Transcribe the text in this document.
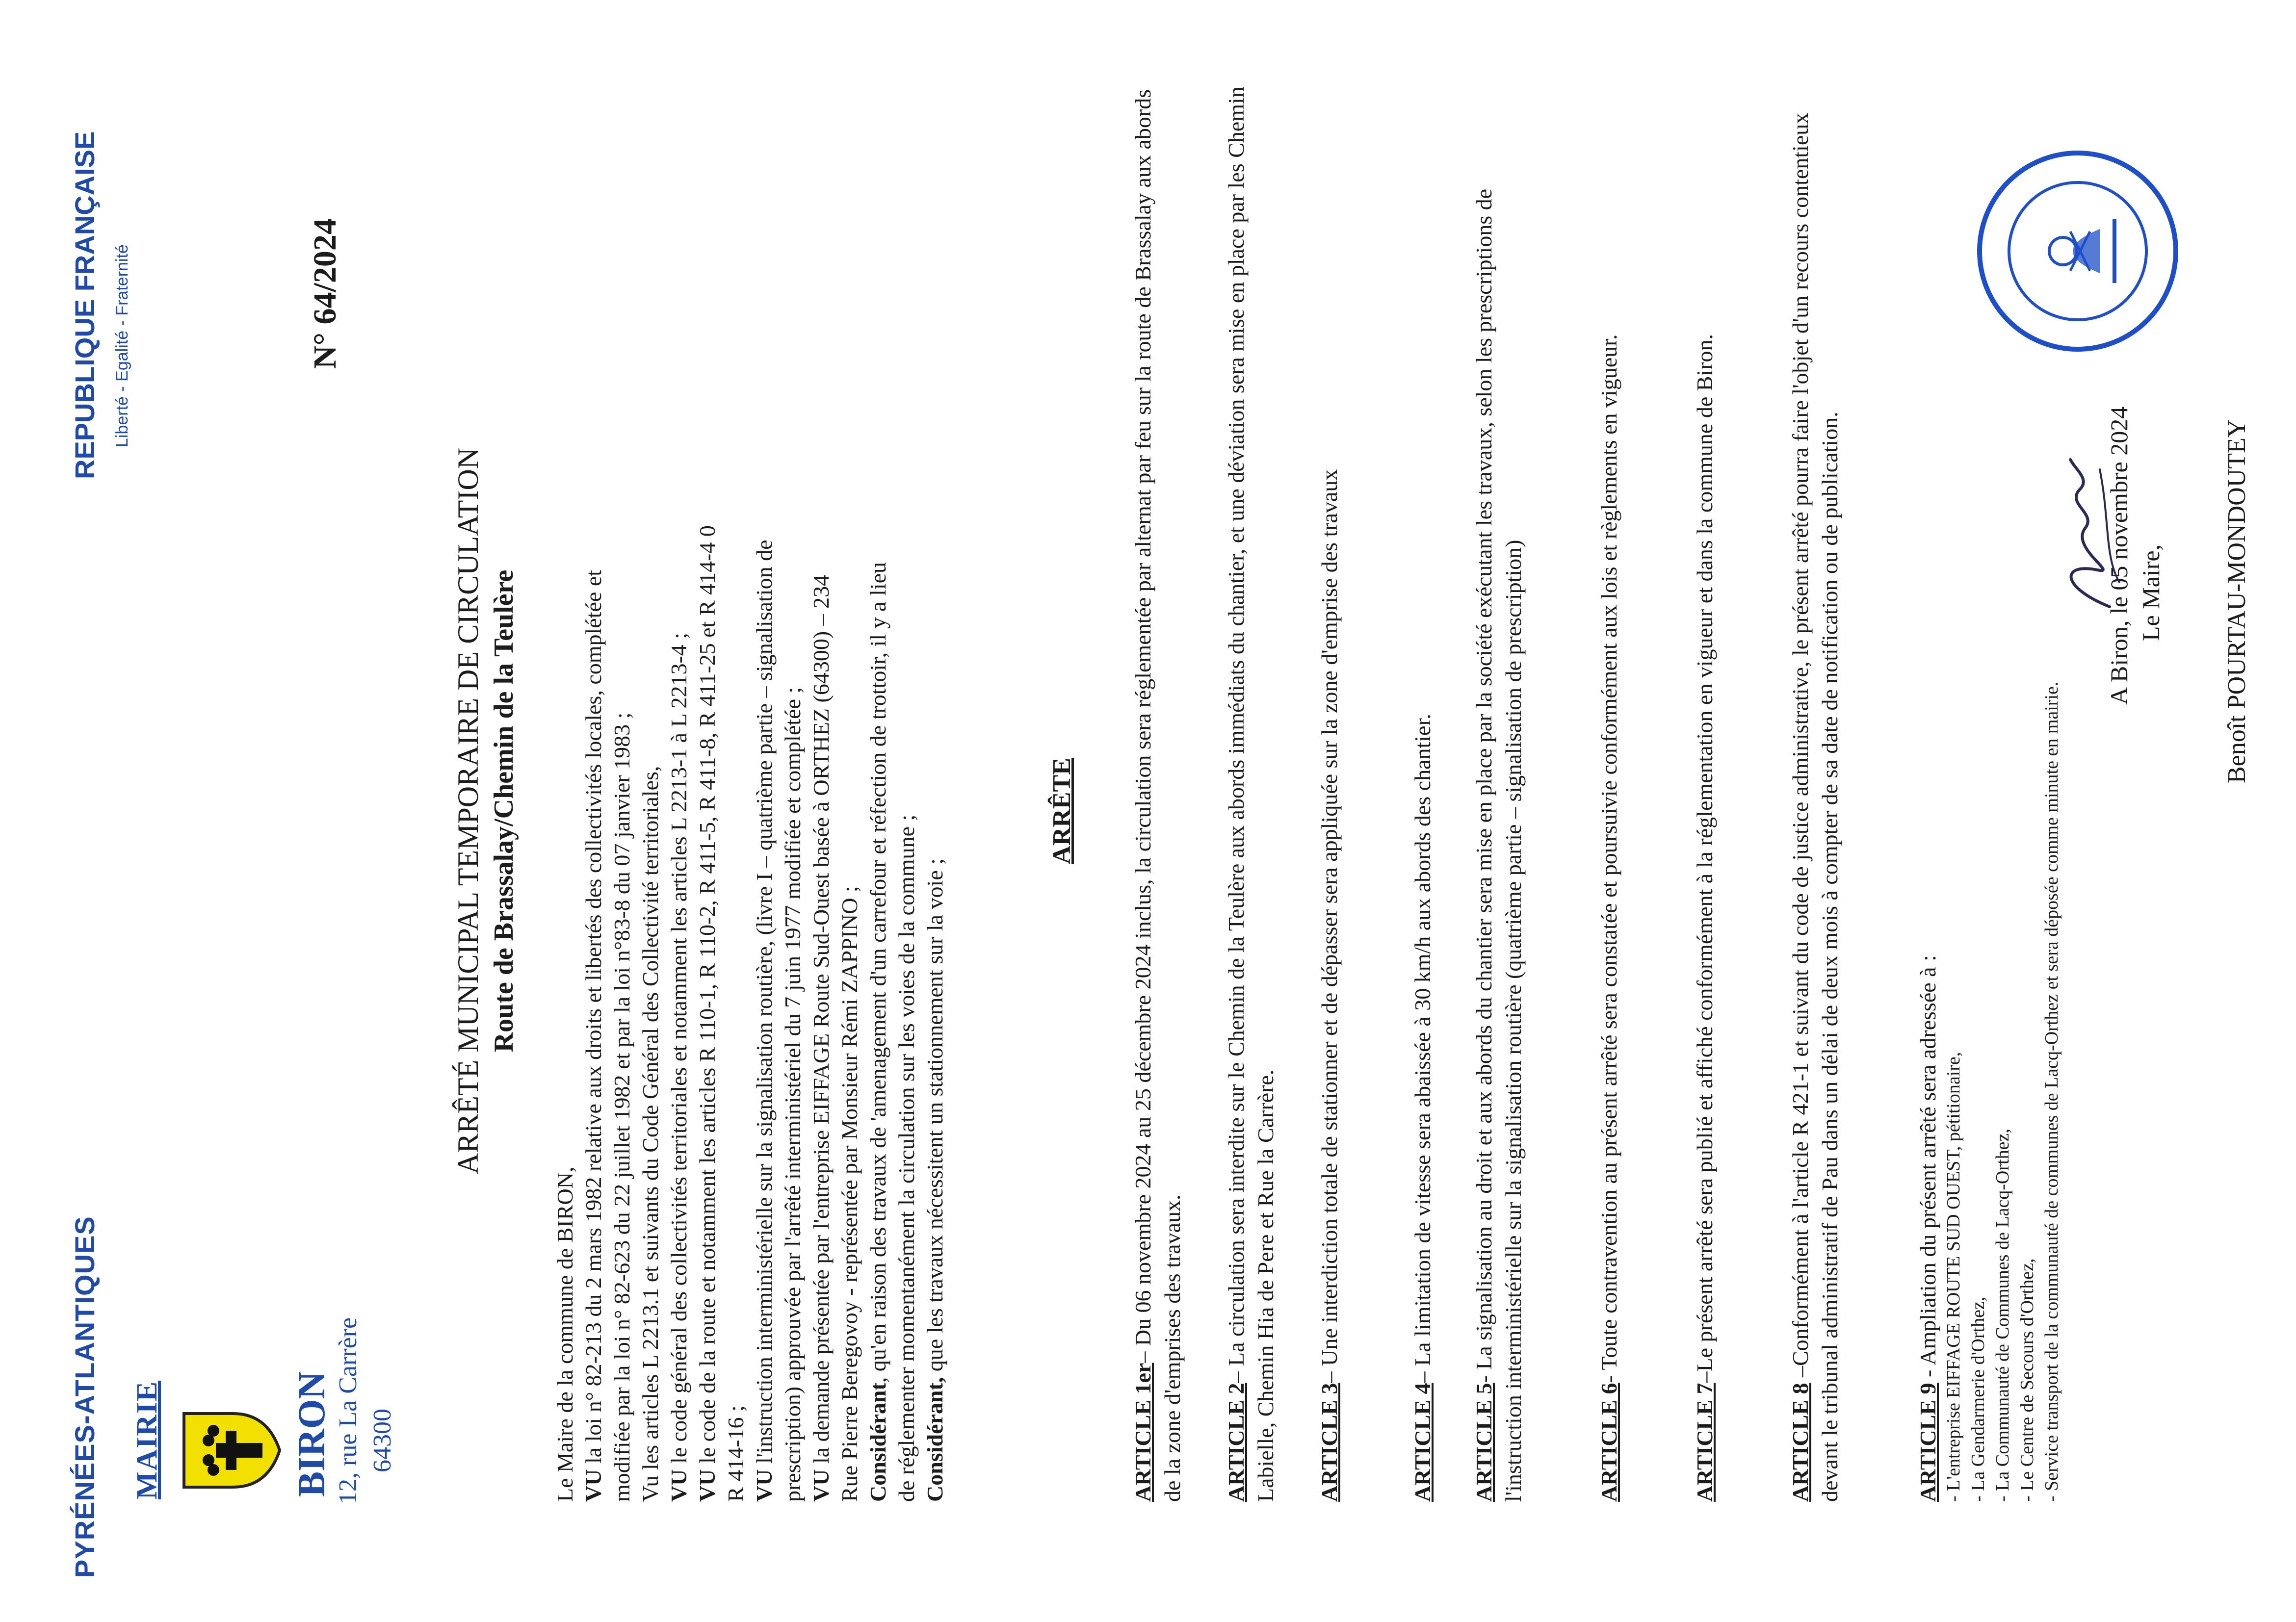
PYRÉNÉES-ATLANTIQUES
REPUBLIQUE FRANÇAISE Liberté - Egalité - Fraternité
MAIRIE	BIRON 12, rue La Carrère 64300
N° 64/2024
ARRÊTÉ MUNICIPAL TEMPORAIRE DE CIRCULATION Route de Brassalay/Chemin de la Teulère
Le Maire de la commune de BIRON, VU la loi n° 82-213 du 2 mars 1982 relative aux droits et libertés des collectivités locales, complétée et modifiée par la loi n° 82-623 du 22 juillet 1982 et par la loi n°83-8 du 07 janvier 1983 ; Vu les articles L 2213.1 et suivants du Code Général des Collectivité territoriales, VU le code général des collectivités territoriales et notamment les articles L 2213-1 à L 2213-4 ;
VU le code de la route et notamment les articles R 110-1, R 110-2, R 411-5, R 411-8, R 411-25 et R 414-4 0 R 414-16 ; VU l'instruction interministérielle sur la signalisation routière, (livre I – quatrième partie – signalisation de prescription) approuvée par l'arrêté interministériel du 7 juin 1977 modifiée et complétée ; VU la demande présentée par l'entreprise EIFFAGE Route Sud-Ouest basée à ORTHEZ (64300) – 234 Rue Pierre Beregovoy - représentée par Monsieur Rémi ZAPPINO ; Considérant, qu'en raison des travaux de 'amenagement d'un carrefour et réfection de trottoir, il y a lieu de réglementer momentanément la circulation sur les voies de la commune ; Considérant, que les travaux nécessitent un stationnement sur la voie ;
ARRÊTE
ARTICLE 1er– Du 06 novembre 2024 au 25 décembre 2024 inclus, la circulation sera réglementée par alternat par feu sur la route de Brassalay aux abords de la zone d'emprises des travaux. ARTICLE 2– La circulation sera interdite sur le Chemin de la Teulère aux abords immédiats du chantier, et une déviation sera mise en place par les Chemin Labielle, Chemin Hia de Pere et Rue la Carrère. ARTICLE 3– Une interdiction totale de stationner et de dépasser sera appliquée sur la zone d'emprise des travaux
ARTICLE 4– La limitation de vitesse sera abaissée à 30 km/h aux abords des chantier.
ARTICLE 5- La signalisation au droit et aux abords du chantier sera mise en place par la société exécutant les travaux, selon les prescriptions de l'instruction interministérielle sur la signalisation routière (quatrième partie – signalisation de prescription)	ARTICLE 6- Toute contravention au présent arrêté sera constatée et poursuivie conformément aux lois et règlements en vigueur.
ARTICLE 7–Le présent arrêté sera publié et affiché conformément à la réglementation en vigueur et dans la commune de Biron.
ARTICLE 8 –Conformément à l'article R 421-1 et suivant du code de justice administrative, le présent arrêté pourra faire l'objet d'un recours contentieux devant le tribunal administratif de Pau dans un délai de deux mois à compter de sa date de notification ou de publication.	ARTICLE 9 - Ampliation du présent arrêté sera adressée à : - L'entreprise EIFFAGE ROUTE SUD OUEST, pétitionaire, - La Gendarmerie d'Orthez, - La Communauté de Communes de Lacq-Orthez, - Le Centre de Secours d'Orthez, - Service transport de la communauté de communes de Lacq-Orthez et sera déposée comme minute en mairie.
A Biron, le 05 novembre 2024 Le Maire, Benoît POURTAU-MONDOUTEY
